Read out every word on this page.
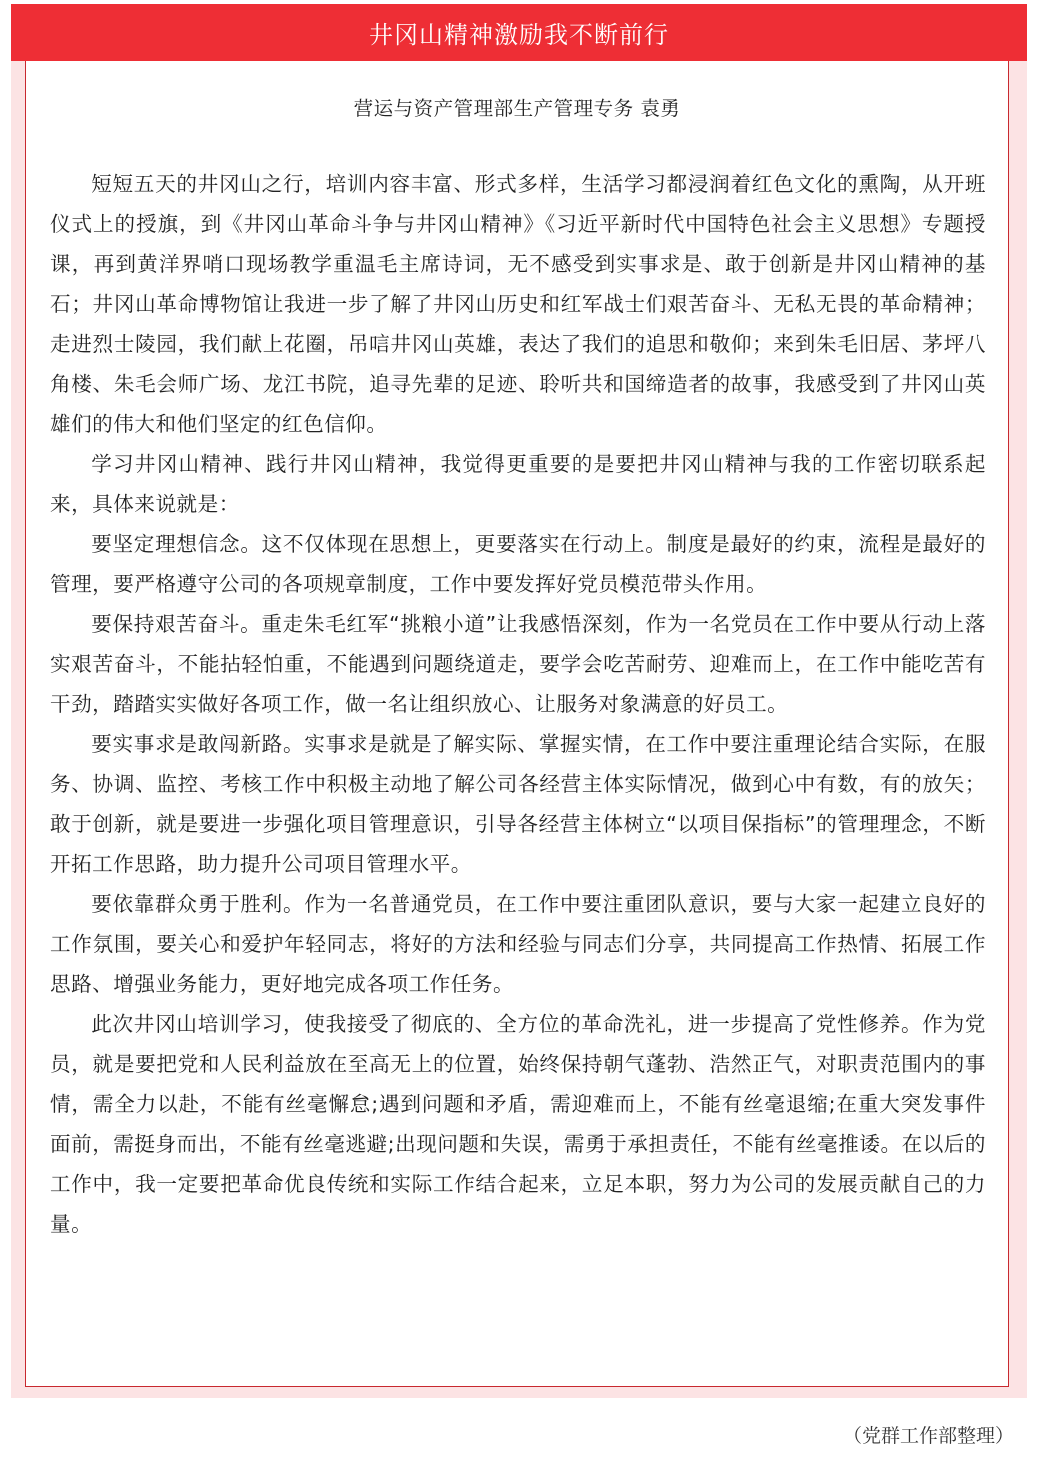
井冈山精神激励我不断前行
营运与资产管理部生产管理专务 袁勇

短短五天的井冈山之行，培训内容丰富、形式多样，生活学习都浸润着红色文化的熏陶，从开班仪式上的授旗，到《井冈山革命斗争与井冈山精神》《习近平新时代中国特色社会主义思想》专题授课，再到黄洋界哨口现场教学重温毛主席诗词，无不感受到实事求是、敢于创新是井冈山精神的基石；井冈山革命博物馆让我进一步了解了井冈山历史和红军战士们艰苦奋斗、无私无畏的革命精神；走进烈士陵园，我们献上花圈，吊唁井冈山英雄，表达了我们的追思和敬仰；来到朱毛旧居、茅坪八角楼、朱毛会师广场、龙江书院，追寻先辈的足迹、聆听共和国缔造者的故事，我感受到了井冈山英雄们的伟大和他们坚定的红色信仰。

学习井冈山精神、践行井冈山精神，我觉得更重要的是要把井冈山精神与我的工作密切联系起来，具体来说就是：

要坚定理想信念。这不仅体现在思想上，更要落实在行动上。制度是最好的约束，流程是最好的管理，要严格遵守公司的各项规章制度，工作中要发挥好党员模范带头作用。

要保持艰苦奋斗。重走朱毛红军“挑粮小道”让我感悟深刻，作为一名党员在工作中要从行动上落实艰苦奋斗，不能拈轻怕重，不能遇到问题绕道走，要学会吃苦耐劳、迎难而上，在工作中能吃苦有干劲，踏踏实实做好各项工作，做一名让组织放心、让服务对象满意的好员工。

要实事求是敢闯新路。实事求是就是了解实际、掌握实情，在工作中要注重理论结合实际，在服务、协调、监控、考核工作中积极主动地了解公司各经营主体实际情况，做到心中有数，有的放矢；敢于创新，就是要进一步强化项目管理意识，引导各经营主体树立“以项目保指标”的管理理念，不断开拓工作思路，助力提升公司项目管理水平。

要依靠群众勇于胜利。作为一名普通党员，在工作中要注重团队意识，要与大家一起建立良好的工作氛围，要关心和爱护年轻同志，将好的方法和经验与同志们分享，共同提高工作热情、拓展工作思路、增强业务能力，更好地完成各项工作任务。

此次井冈山培训学习，使我接受了彻底的、全方位的革命洗礼，进一步提高了党性修养。作为党员，就是要把党和人民利益放在至高无上的位置，始终保持朝气蓬勃、浩然正气，对职责范围内的事情，需全力以赴，不能有丝毫懈怠;遇到问题和矛盾，需迎难而上，不能有丝毫退缩;在重大突发事件面前，需挺身而出，不能有丝毫逃避;出现问题和失误，需勇于承担责任，不能有丝毫推诿。在以后的工作中，我一定要把革命优良传统和实际工作结合起来，立足本职，努力为公司的发展贡献自己的力量。

（党群工作部整理）
